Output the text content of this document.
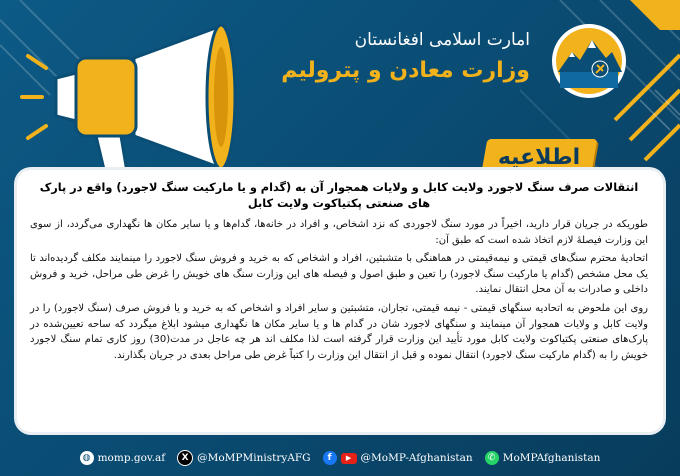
امارت اسلامی افغانستان
وزارت معادن و پترولیم
اطلاعیه

انتقالات صرف سنگ لاجورد ولایت کابل و ولایات همجوار آن به (گدام و یا مارکیت سنگ لاجورد) واقع در پارک های صنعتی پکتیاکوت ولایت کابل

طوریکه در جریان قرار دارید، اخیراً در مورد سنگ لاجوردی که نزد اشخاص، و افراد در خانه‌ها، گدام‌ها و یا سایر مکان ها نگهداری می‌گردد، از سوی این وزارت فیصلهٔ لازم اتخاذ شده است که طبق آن:

اتحادیهٔ محترم سنگ‌های قیمتی و نیمه‌قیمتی در هماهنگی با متشبثین، افراد و اشخاص که به خرید و فروش سنگ لاجورد را مینمایند مکلف گردیده‌اند تا یک محل مشخص (گدام یا مارکیت سنگ لاجورد) را تعین و طبق اصول و فیصله های این وزارت سنگ های خویش را غرض طی مراحل، خرید و فروش داخلی و صادرات به آن محل انتقال نمایند.

روی این ملحوض به اتحادیه سنگهای قیمتی - نیمه قیمتی، تجاران، متشبثین و سایر افراد و اشخاص که به خرید و یا فروش صرف (سنگ لاجورد) را در ولایت کابل و ولایات همجوار آن مینمایند و سنگهای لاجورد شان در گدام ها و یا سایر مکان ها نگهداری میشود ابلاغ میگردد که ساحه تعیین‌شده در پارک‌های صنعتی پکتیاکوت ولایت کابل مورد تأیید این وزارت قرار گرفته است لذا مکلف اند هر چه عاجل در مدت(30) روز کاری تمام سنگ لاجورد خویش را به (گدام مارکیت سنگ لاجورد) انتقال نموده و قبل از انتقال این وزارت را کتباً غرض طی مراحل بعدی در جریان بگذارند.

◍ momp.gov.af	X @MoMPMinistryAFG	f	▶ @MoMP-Afghanistan	✆ MoMPAfghanistan
